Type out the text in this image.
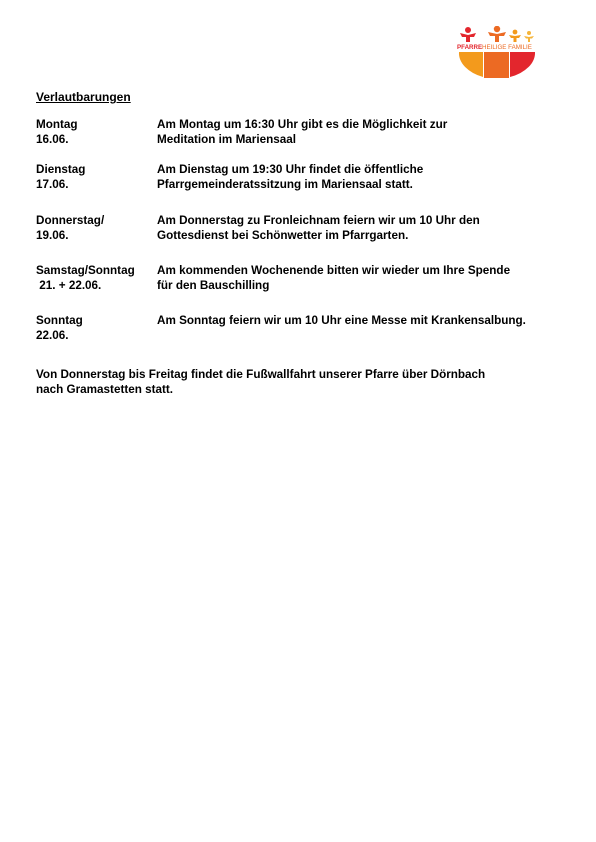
PFARRE HEILIGE FAMILIE
Verlautbarungen
Montag
16.06.
Am Montag um 16:30 Uhr gibt es die Möglichkeit zur
Meditation im Mariensaal
Dienstag
17.06.
Am Dienstag um 19:30 Uhr findet die öffentliche
Pfarrgemeinderatssitzung im Mariensaal statt.
Donnerstag/
19.06.
Am Donnerstag zu Fronleichnam feiern wir um 10 Uhr den
Gottesdienst bei Schönwetter im Pfarrgarten.
Samstag/Sonntag
21. + 22.06.
Am kommenden Wochenende bitten wir wieder um Ihre Spende
für den Bauschilling
Sonntag
22.06.
Am Sonntag feiern wir um 10 Uhr eine Messe mit Krankensalbung.
Von Donnerstag bis Freitag findet die Fußwallfahrt unserer Pfarre über Dörnbach
nach Gramastetten statt.
